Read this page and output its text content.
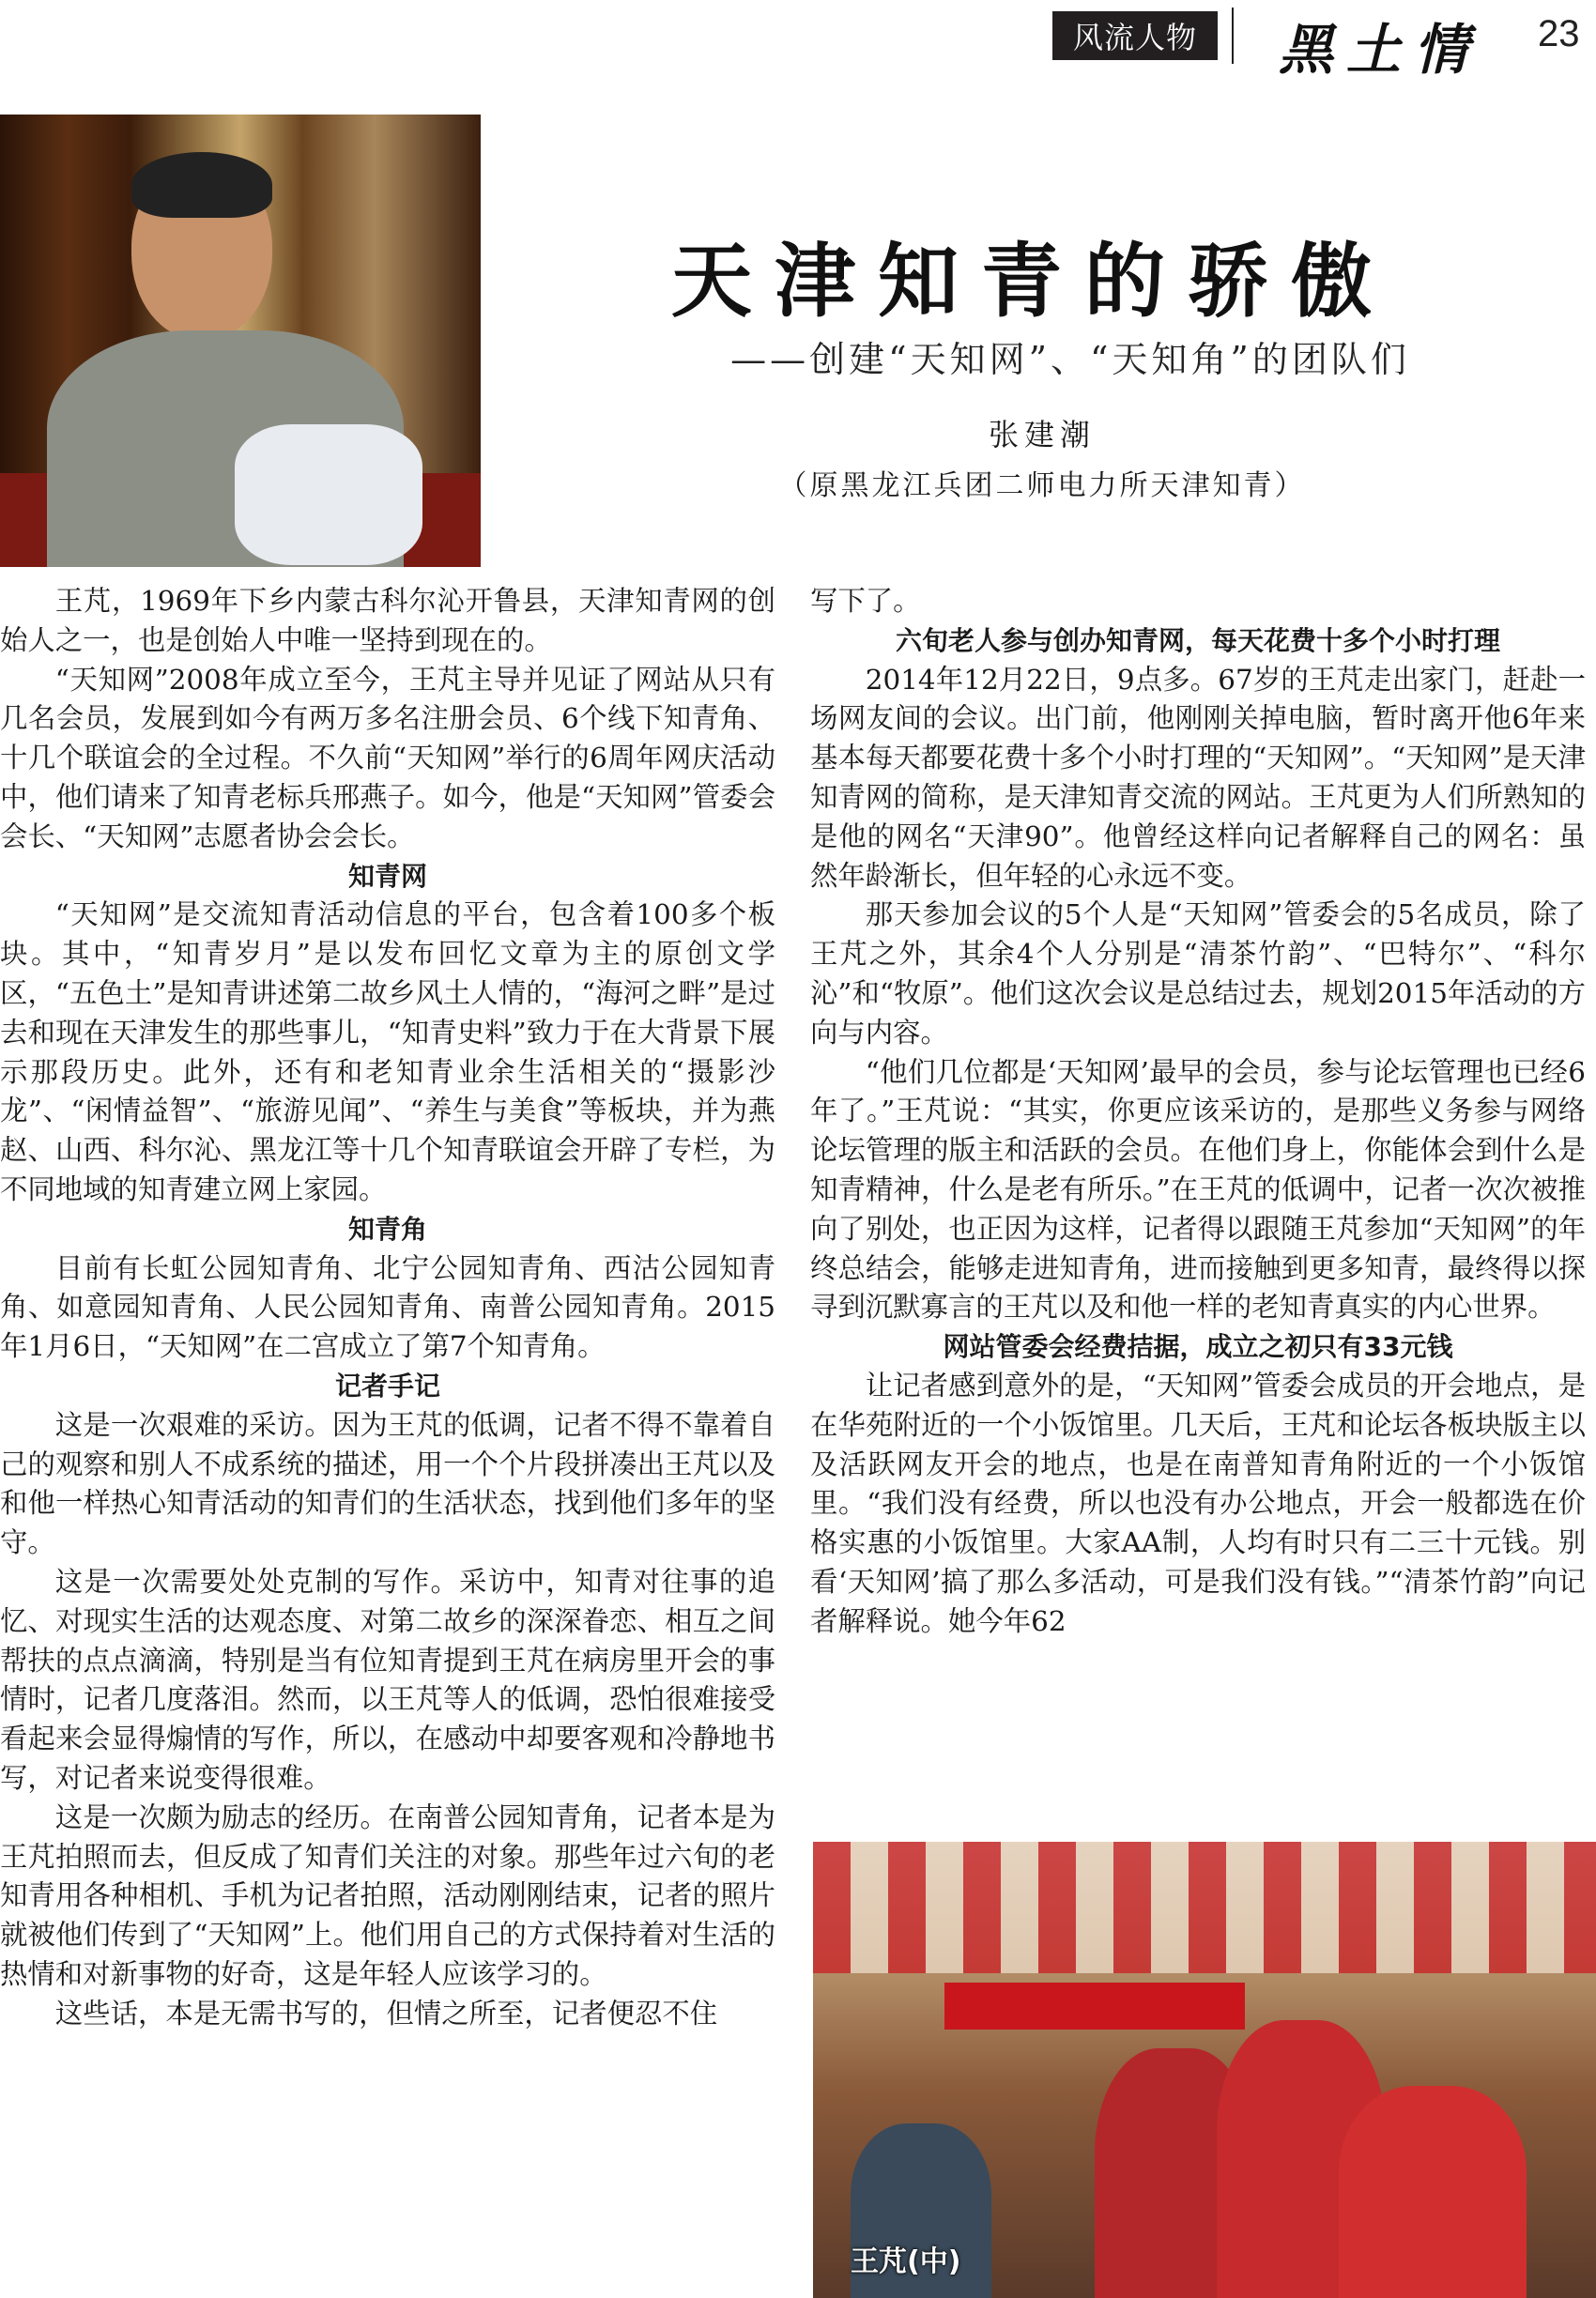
风流人物	黑土情 23
天津知青的骄傲
——创建“天知网”、“天知角”的团队们
张建潮
（原黑龙江兵团二师电力所天津知青）

王芃，1969年下乡内蒙古科尔沁开鲁县，天津知青网的创始人之一，也是创始人中唯一坚持到现在的。

“天知网”2008年成立至今，王芃主导并见证了网站从只有几名会员，发展到如今有两万多名注册会员、6个线下知青角、十几个联谊会的全过程。不久前“天知网”举行的6周年网庆活动中，他们请来了知青老标兵邢燕子。如今，他是“天知网”管委会会长、“天知网”志愿者协会会长。

知青网

“天知网”是交流知青活动信息的平台，包含着100多个板块。其中，“知青岁月”是以发布回忆文章为主的原创文学区，“五色土”是知青讲述第二故乡风土人情的，“海河之畔”是过去和现在天津发生的那些事儿，“知青史料”致力于在大背景下展示那段历史。此外，还有和老知青业余生活相关的“摄影沙龙”、“闲情益智”、“旅游见闻”、“养生与美食”等板块，并为燕赵、山西、科尔沁、黑龙江等十几个知青联谊会开辟了专栏，为不同地域的知青建立网上家园。

知青角

目前有长虹公园知青角、北宁公园知青角、西沽公园知青角、如意园知青角、人民公园知青角、南普公园知青角。2015年1月6日，“天知网”在二宫成立了第7个知青角。

记者手记

这是一次艰难的采访。因为王芃的低调，记者不得不靠着自己的观察和别人不成系统的描述，用一个个片段拼凑出王芃以及和他一样热心知青活动的知青们的生活状态，找到他们多年的坚守。

这是一次需要处处克制的写作。采访中，知青对往事的追忆、对现实生活的达观态度、对第二故乡的深深眷恋、相互之间帮扶的点点滴滴，特别是当有位知青提到王芃在病房里开会的事情时，记者几度落泪。然而，以王芃等人的低调，恐怕很难接受看起来会显得煽情的写作，所以，在感动中却要客观和冷静地书写，对记者来说变得很难。

这是一次颇为励志的经历。在南普公园知青角，记者本是为王芃拍照而去，但反成了知青们关注的对象。那些年过六旬的老知青用各种相机、手机为记者拍照，活动刚刚结束，记者的照片就被他们传到了“天知网”上。他们用自己的方式保持着对生活的热情和对新事物的好奇，这是年轻人应该学习的。

这些话，本是无需书写的，但情之所至，记者便忍不住

写下了。

六旬老人参与创办知青网，每天花费十多个小时打理

2014年12月22日，9点多。67岁的王芃走出家门，赶赴一场网友间的会议。出门前，他刚刚关掉电脑，暂时离开他6年来基本每天都要花费十多个小时打理的“天知网”。“天知网”是天津知青网的简称，是天津知青交流的网站。王芃更为人们所熟知的是他的网名“天津90”。他曾经这样向记者解释自己的网名：虽然年龄渐长，但年轻的心永远不变。

那天参加会议的5个人是“天知网”管委会的5名成员，除了王芃之外，其余4个人分别是“清茶竹韵”、“巴特尔”、“科尔沁”和“牧原”。他们这次会议是总结过去，规划2015年活动的方向与内容。

“他们几位都是‘天知网’最早的会员，参与论坛管理也已经6年了。”王芃说：“其实，你更应该采访的，是那些义务参与网络论坛管理的版主和活跃的会员。在他们身上，你能体会到什么是知青精神，什么是老有所乐。”在王芃的低调中，记者一次次被推向了别处，也正因为这样，记者得以跟随王芃参加“天知网”的年终总结会，能够走进知青角，进而接触到更多知青，最终得以探寻到沉默寡言的王芃以及和他一样的老知青真实的内心世界。

网站管委会经费拮据，成立之初只有33元钱

让记者感到意外的是，“天知网”管委会成员的开会地点，是在华苑附近的一个小饭馆里。几天后，王芃和论坛各板块版主以及活跃网友开会的地点，也是在南普知青角附近的一个小饭馆里。“我们没有经费，所以也没有办公地点，开会一般都选在价格实惠的小饭馆里。大家AA制，人均有时只有二三十元钱。别看‘天知网’搞了那么多活动，可是我们没有钱。”“清茶竹韵”向记者解释说。她今年62

王芃(中)
